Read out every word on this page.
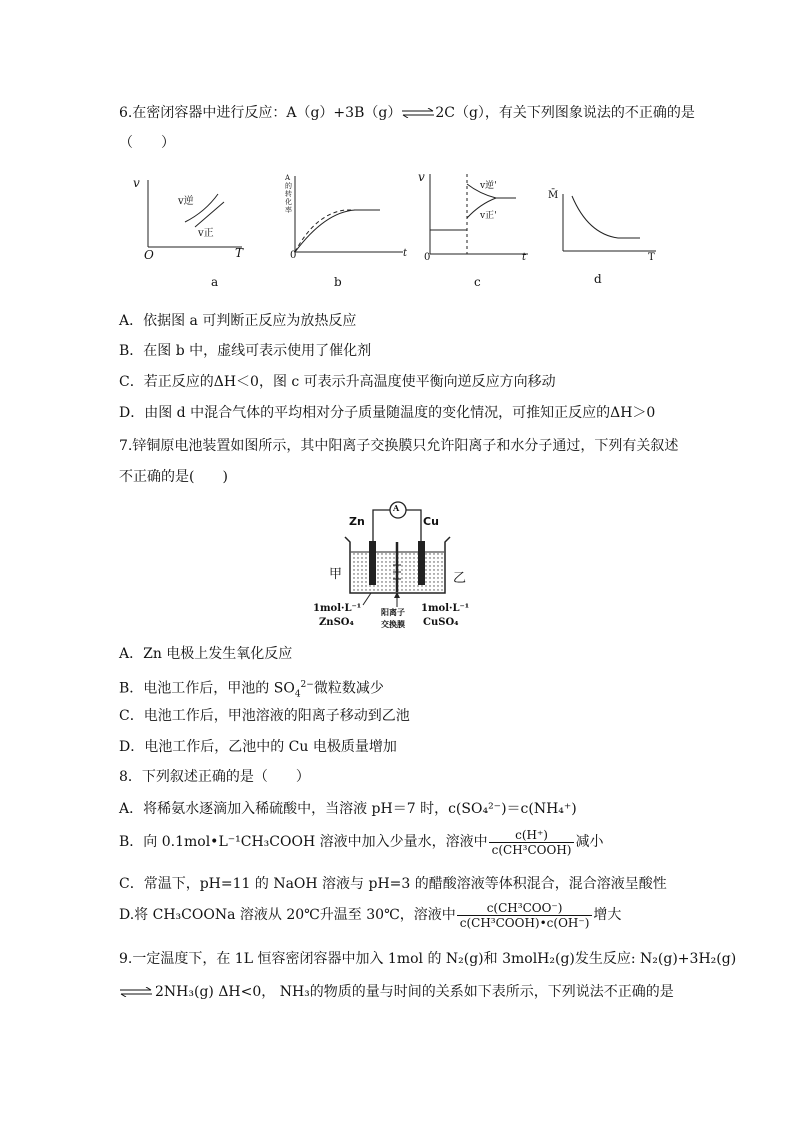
6.在密闭容器中进行反应：A（g）+3B（g）⇌2C（g），有关下列图象说法的不正确的是
（　　）
v
T
O
v逆
v正
a
A的转化率
t
0
b
v
t
0
v逆'
v正'
c
M̄
T
d
A．依据图 a 可判断正反应为放热反应
B．在图 b 中，虚线可表示使用了催化剂
C．若正反应的ΔH＜0，图 c 可表示升高温度使平衡向逆反应方向移动
D．由图 d 中混合气体的平均相对分子质量随温度的变化情况，可推知正反应的ΔH＞0
7.锌铜原电池装置如图所示，其中阳离子交换膜只允许阳离子和水分子通过，下列有关叙述
不正确的是(　　)
A
Zn	Cu
甲	乙
1mol·L⁻¹
ZnSO₄
1mol·L⁻¹
CuSO₄
阳离子
交换膜
A．Zn 电极上发生氧化反应
B．电池工作后，甲池的 $SO_4^{2-}$微粒数减少
C．电池工作后，甲池溶液的阳离子移动到乙池
D．电池工作后，乙池中的 Cu 电极质量增加
8．下列叙述正确的是（　　）
A．将稀氨水逐滴加入稀硫酸中，当溶液 pH＝7 时，c(SO₄²⁻)＝c(NH₄⁺)
B．向 0.1mol•L⁻¹CH₃COOH 溶液中加入少量水，溶液中 $\frac{c(H^+)}{\text{c(CH³COOH)}}$ 减小
C．常温下，pH=11 的 NaOH 溶液与 pH=3 的醋酸溶液等体积混合，混合溶液呈酸性
D.将 CH₃COONa 溶液从 20℃升温至 30℃，溶液中 $\frac{\text{c(CH³COO⁻)}}{\text{c(CH³COOH)•c(OH⁻)}}$ 增大
9.一定温度下，在 1L 恒容密闭容器中加入 1mol 的 N₂(g)和 3molH₂(g)发生反应: N₂(g)+3H₂(g)
⇌ 2NH₃(g) ΔH<0， NH₃的物质的量与时间的关系如下表所示，下列说法不正确的是
